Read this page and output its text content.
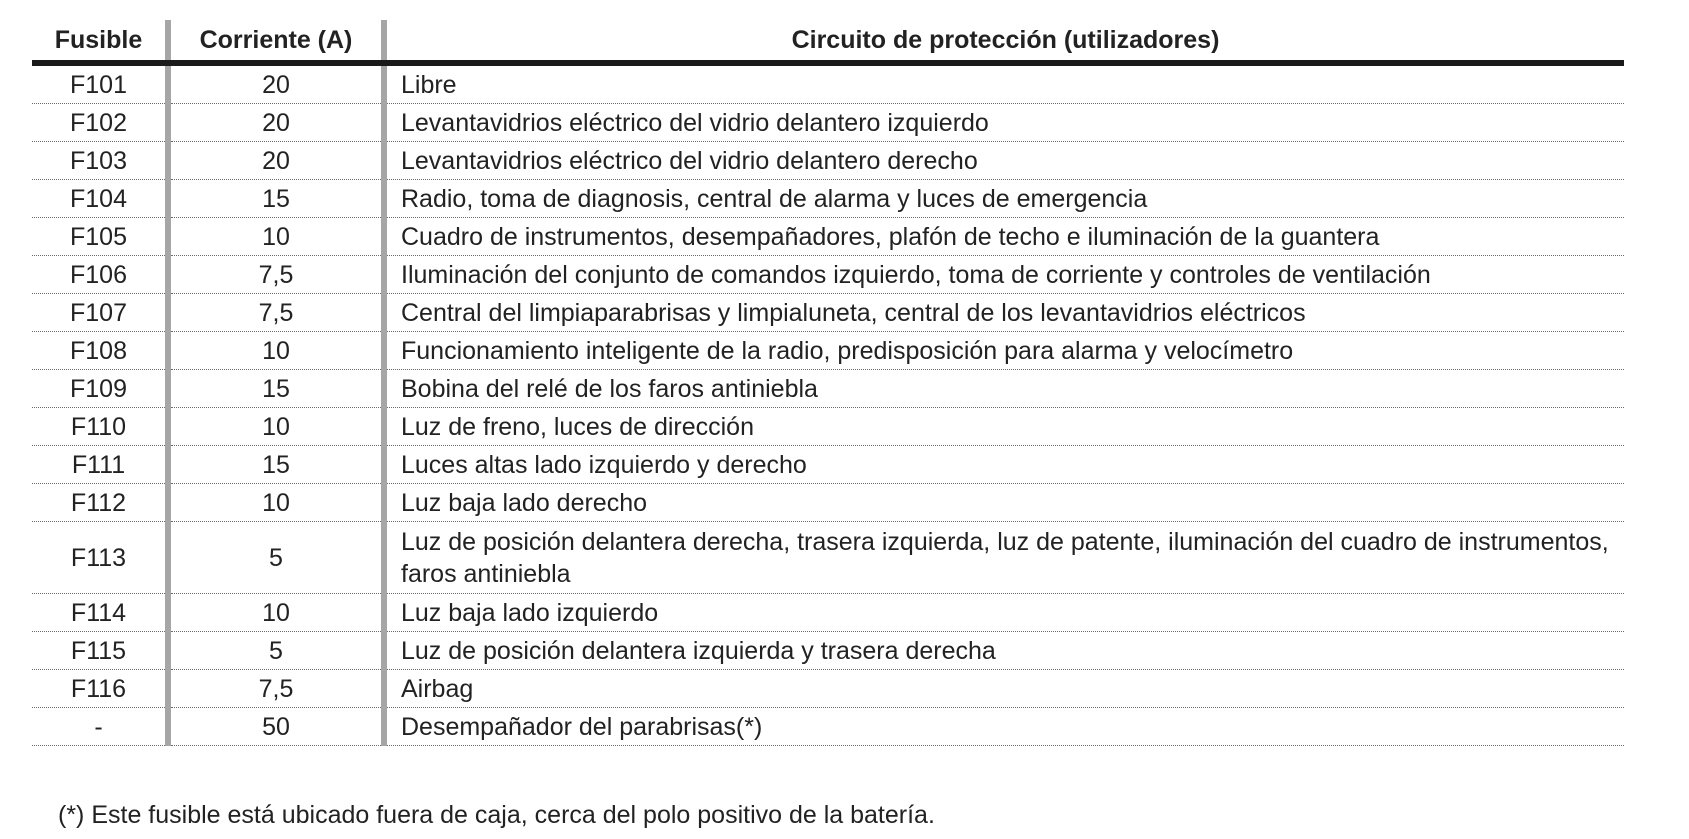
Fusible	Corriente (A)	Circuito de protección (utilizadores)
F101	20	Libre
F102	20	Levantavidrios eléctrico del vidrio delantero izquierdo
F103	20	Levantavidrios eléctrico del vidrio delantero derecho
F104	15	Radio, toma de diagnosis, central de alarma y luces de emergencia
F105	10	Cuadro de instrumentos, desempañadores, plafón de techo e iluminación de la guantera
F106	7,5	Iluminación del conjunto de comandos izquierdo, toma de corriente y controles de ventilación
F107	7,5	Central del limpiaparabrisas y limpialuneta, central de los levantavidrios eléctricos
F108	10	Funcionamiento inteligente de la radio, predisposición para alarma y velocímetro
F109	15	Bobina del relé de los faros antiniebla
F110	10	Luz de freno, luces de dirección
F111	15	Luces altas lado izquierdo y derecho
F112	10	Luz baja lado derecho
F113	5	Luz de posición delantera derecha, trasera izquierda, luz de patente, iluminación del cuadro de instrumentos, faros antiniebla
F114	10	Luz baja lado izquierdo
F115	5	Luz de posición delantera izquierda y trasera derecha
F116	7,5	Airbag
-	50	Desempañador del parabrisas(*)
(*) Este fusible está ubicado fuera de caja, cerca del polo positivo de la batería.
